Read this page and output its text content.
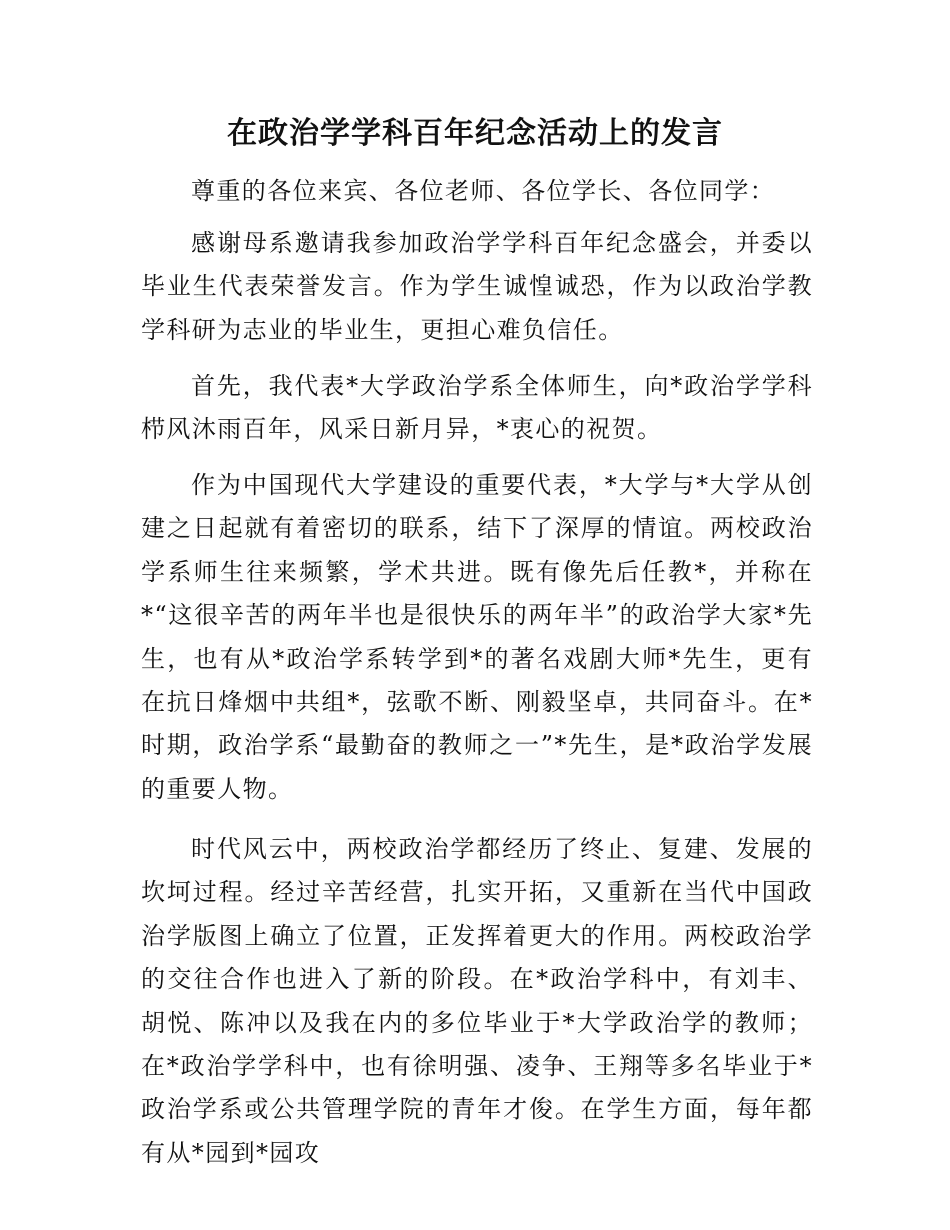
在政治学学科百年纪念活动上的发言

尊重的各位来宾、各位老师、各位学长、各位同学：

感谢母系邀请我参加政治学学科百年纪念盛会，并委以毕业生代表荣誉发言。作为学生诚惶诚恐，作为以政治学教学科研为志业的毕业生，更担心难负信任。

首先，我代表*大学政治学系全体师生，向*政治学学科栉风沐雨百年，风采日新月异，*衷心的祝贺。

作为中国现代大学建设的重要代表，*大学与*大学从创建之日起就有着密切的联系，结下了深厚的情谊。两校政治学系师生往来频繁，学术共进。既有像先后任教*，并称在*“这很辛苦的两年半也是很快乐的两年半”的政治学大家*先生，也有从*政治学系转学到*的著名戏剧大师*先生，更有在抗日烽烟中共组*，弦歌不断、刚毅坚卓，共同奋斗。在*时期，政治学系“最勤奋的教师之一”*先生，是*政治学发展的重要人物。

时代风云中，两校政治学都经历了终止、复建、发展的坎坷过程。经过辛苦经营，扎实开拓，又重新在当代中国政治学版图上确立了位置，正发挥着更大的作用。两校政治学的交往合作也进入了新的阶段。在*政治学科中，有刘丰、胡悦、陈冲以及我在内的多位毕业于*大学政治学的教师；在*政治学学科中，也有徐明强、凌争、王翔等多名毕业于*政治学系或公共管理学院的青年才俊。在学生方面，每年都有从*园到*园攻
